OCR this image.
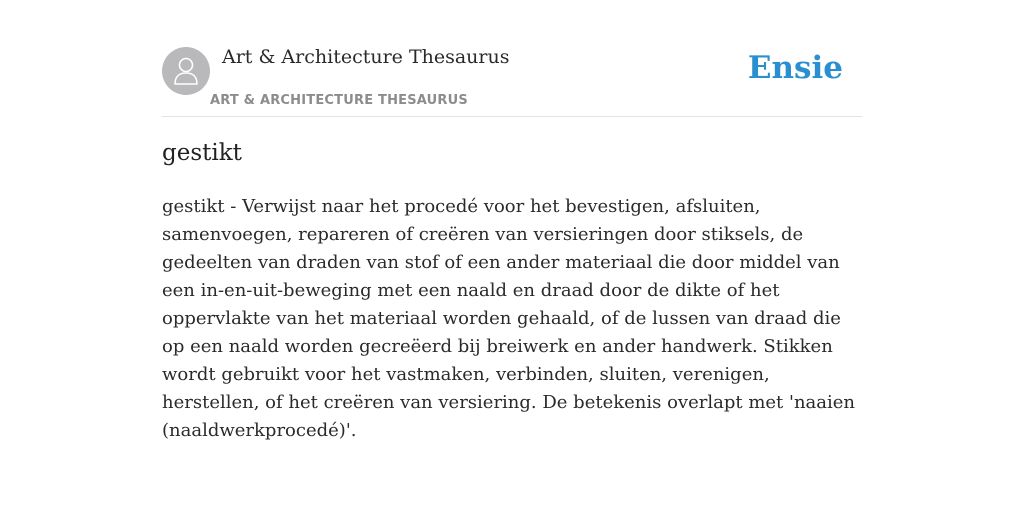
Art & Architecture Thesaurus
ART & ARCHITECTURE THESAURUS
Ensie
gestikt

gestikt - Verwijst naar het procedé voor het bevestigen, afsluiten, samenvoegen, repareren of creëren van versieringen door stiksels, de gedeelten van draden van stof of een ander materiaal die door middel van een in-en-uit-beweging met een naald en draad door de dikte of het oppervlakte van het materiaal worden gehaald, of de lussen van draad die op een naald worden gecreëerd bij breiwerk en ander handwerk. Stikken wordt gebruikt voor het vastmaken, verbinden, sluiten, verenigen, herstellen, of het creëren van versiering. De betekenis overlapt met 'naaien (naaldwerkprocedé)'.
